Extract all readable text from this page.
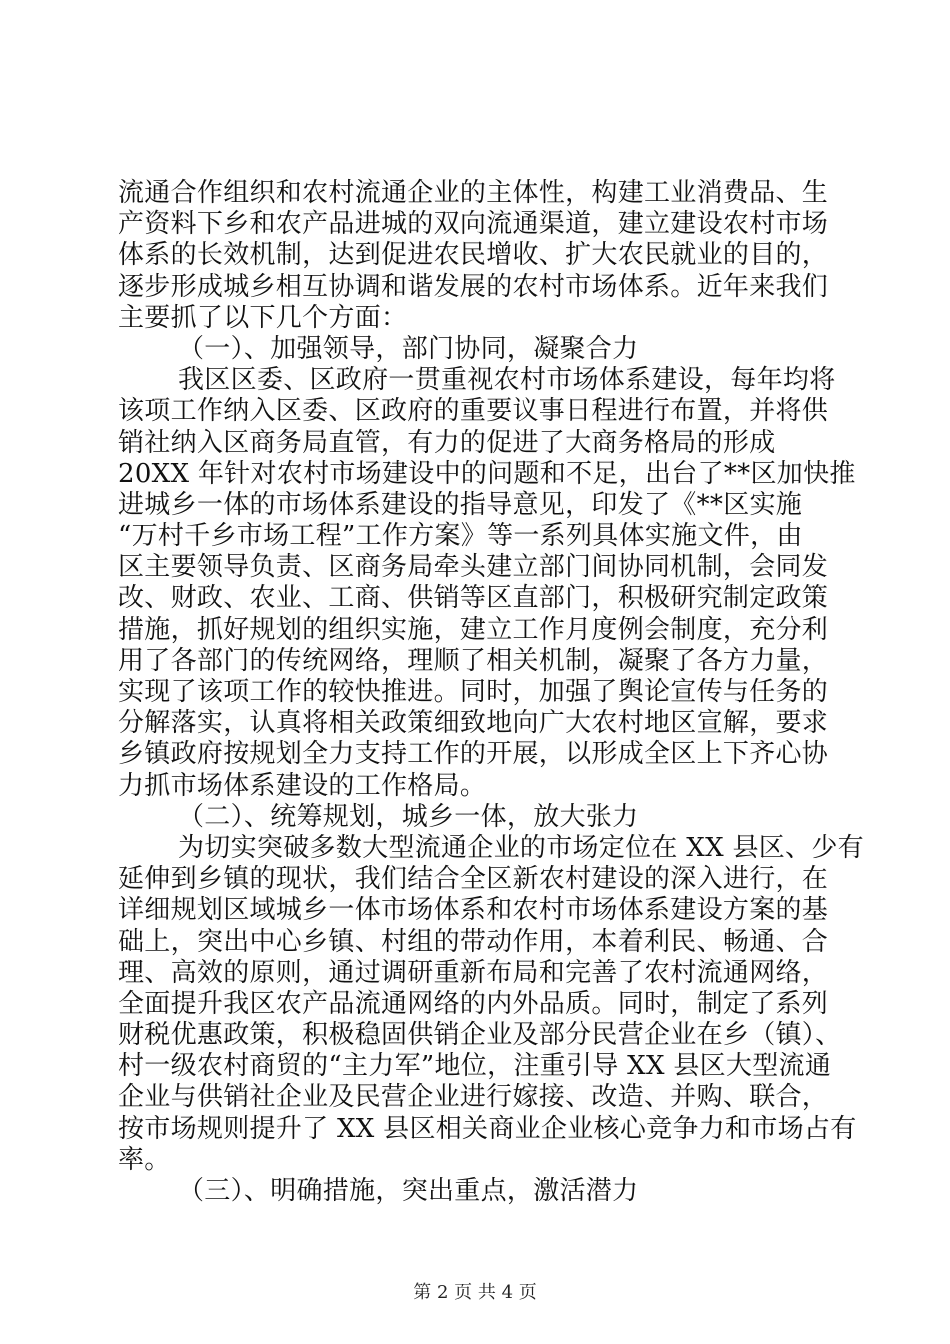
流通合作组织和农村流通企业的主体性，构建工业消费品、生
产资料下乡和农产品进城的双向流通渠道，建立建设农村市场
体系的长效机制，达到促进农民增收、扩大农民就业的目的，
逐步形成城乡相互协调和谐发展的农村市场体系。近年来我们
主要抓了以下几个方面：
（一）、加强领导，部门协同，凝聚合力
我区区委、区政府一贯重视农村市场体系建设，每年均将
该项工作纳入区委、区政府的重要议事日程进行布置，并将供
销社纳入区商务局直管，有力的促进了大商务格局的形成
20XX 年针对农村市场建设中的问题和不足，出台了**区加快推
进城乡一体的市场体系建设的指导意见，印发了《**区实施
“万村千乡市场工程”工作方案》等一系列具体实施文件，由
区主要领导负责、区商务局牵头建立部门间协同机制，会同发
改、财政、农业、工商、供销等区直部门，积极研究制定政策
措施，抓好规划的组织实施，建立工作月度例会制度，充分利
用了各部门的传统网络，理顺了相关机制，凝聚了各方力量，
实现了该项工作的较快推进。同时，加强了舆论宣传与任务的
分解落实，认真将相关政策细致地向广大农村地区宣解，要求
乡镇政府按规划全力支持工作的开展，以形成全区上下齐心协
力抓市场体系建设的工作格局。
（二）、统筹规划，城乡一体，放大张力
为切实突破多数大型流通企业的市场定位在 XX 县区、少有
延伸到乡镇的现状，我们结合全区新农村建设的深入进行，在
详细规划区域城乡一体市场体系和农村市场体系建设方案的基
础上，突出中心乡镇、村组的带动作用，本着利民、畅通、合
理、高效的原则，通过调研重新布局和完善了农村流通网络，
全面提升我区农产品流通网络的内外品质。同时，制定了系列
财税优惠政策，积极稳固供销企业及部分民营企业在乡（镇）、
村一级农村商贸的“主力军”地位，注重引导 XX 县区大型流通
企业与供销社企业及民营企业进行嫁接、改造、并购、联合，
按市场规则提升了 XX 县区相关商业企业核心竞争力和市场占有
率。
（三）、明确措施，突出重点，激活潜力
第 2 页 共 4 页
